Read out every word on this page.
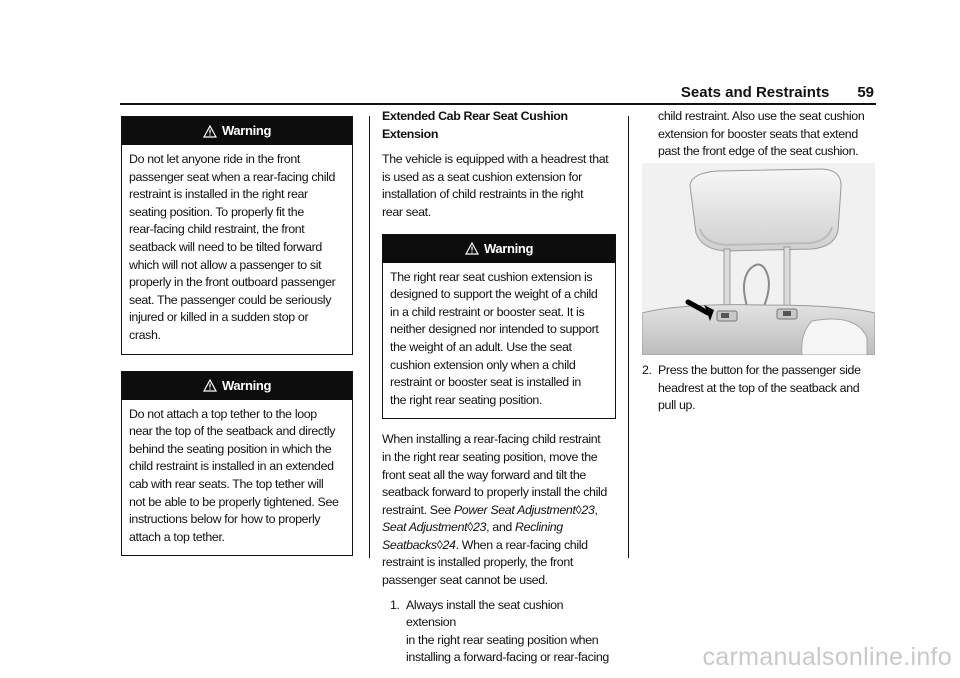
Seats and Restraints 59
Warning

Do not let anyone ride in the front

passenger seat when a rear-facing child

restraint is installed in the right rear

seating position. To properly fit the

rear-facing child restraint, the front

seatback will need to be tilted forward

which will not allow a passenger to sit

properly in the front outboard passenger

seat. The passenger could be seriously

injured or killed in a sudden stop or

crash.

Warning

Do not attach a top tether to the loop

near the top of the seatback and directly

behind the seating position in which the

child restraint is installed in an extended

cab with rear seats. The top tether will

not be able to be properly tightened. See

instructions below for how to properly

attach a top tether.

Extended Cab Rear Seat Cushion Extension

The vehicle is equipped with a headrest that

is used as a seat cushion extension for

installation of child restraints in the right

rear seat.

Warning

The right rear seat cushion extension is

designed to support the weight of a child

in a child restraint or booster seat. It is

neither designed nor intended to support

the weight of an adult. Use the seat

cushion extension only when a child

restraint or booster seat is installed in

the right rear seating position.

When installing a rear-facing child restraint

in the right rear seating position, move the

front seat all the way forward and tilt the

seatback forward to properly install the child

restraint. See Power Seat Adjustment◊23,

Seat Adjustment◊23, and Reclining

Seatbacks◊24. When a rear-facing child

restraint is installed properly, the front

passenger seat cannot be used.

1. Always install the seat cushion extension

in the right rear seating position when

installing a forward-facing or rear-facing

child restraint. Also use the seat cushion

extension for booster seats that extend

past the front edge of the seat cushion.

2. Press the button for the passenger side

headrest at the top of the seatback and

pull up.

carmanualsonline.info
